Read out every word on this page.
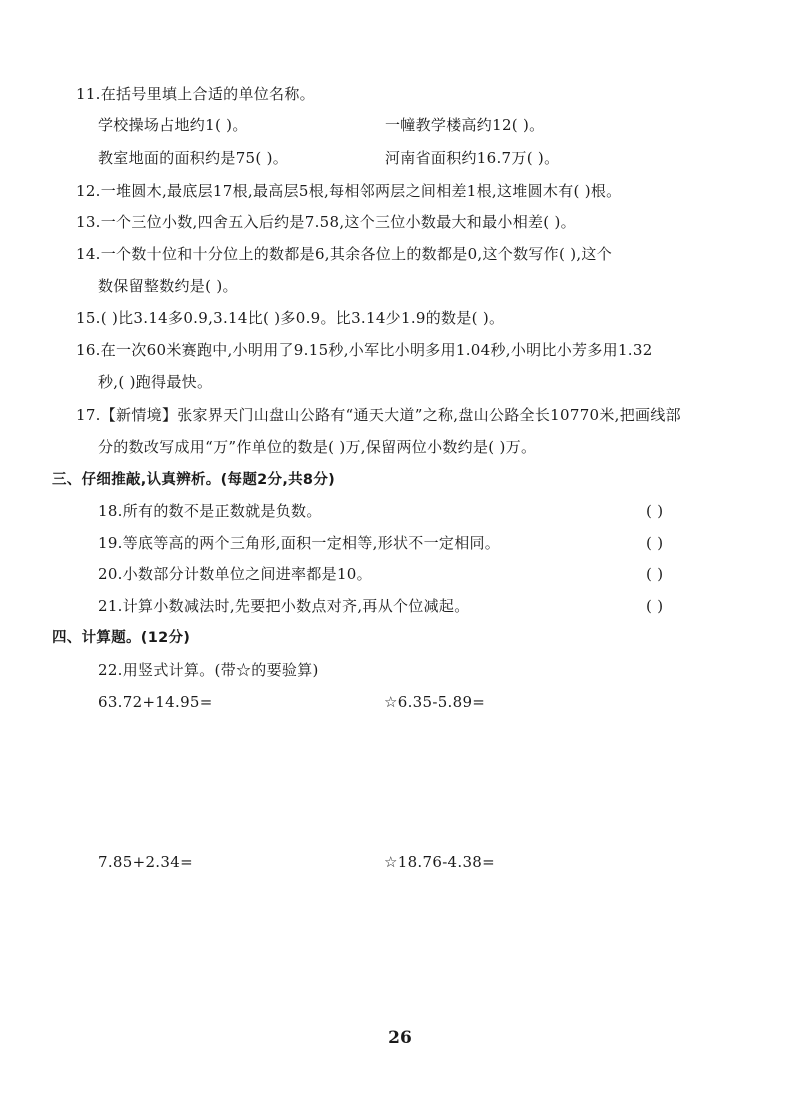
11.在括号里填上合适的单位名称。
学校操场占地约1( )。	一幢教学楼高约12( )。
教室地面的面积约是75( )。	河南省面积约16.7万( )。
12.一堆圆木,最底层17根,最高层5根,每相邻两层之间相差1根,这堆圆木有( )根。
13.一个三位小数,四舍五入后约是7.58,这个三位小数最大和最小相差( )。
14.一个数十位和十分位上的数都是6,其余各位上的数都是0,这个数写作( ),这个
数保留整数约是( )。
15.( )比3.14多0.9,3.14比( )多0.9。比3.14少1.9的数是( )。
16.在一次60米赛跑中,小明用了9.15秒,小军比小明多用1.04秒,小明比小芳多用1.32
秒,( )跑得最快。
17.【新情境】张家界天门山盘山公路有“通天大道”之称,盘山公路全长10770米,把画线部
分的数改写成用“万”作单位的数是( )万,保留两位小数约是( )万。
三、仔细推敲,认真辨析。(每题2分,共8分)
18.所有的数不是正数就是负数。	( )
19.等底等高的两个三角形,面积一定相等,形状不一定相同。	( )
20.小数部分计数单位之间进率都是10。	( )
21.计算小数减法时,先要把小数点对齐,再从个位减起。	( )
四、计算题。(12分)
22.用竖式计算。(带☆的要验算)
63.72+14.95=	☆6.35-5.89=
7.85+2.34=	☆18.76-4.38=
26
